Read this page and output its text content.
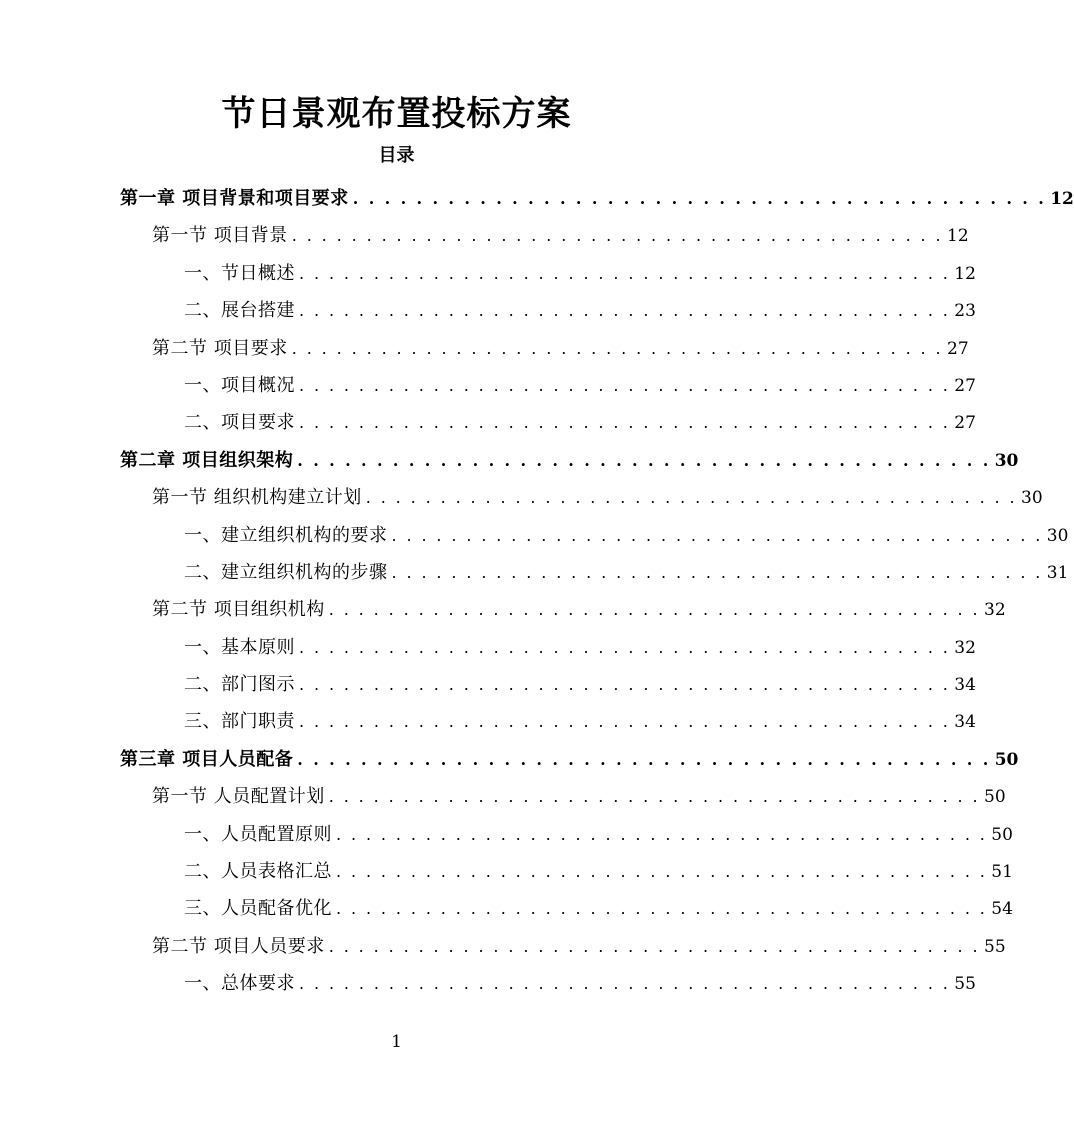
节日景观布置投标方案
目录
第一章 项目背景和项目要求 . . . . . . . . . . . . . . . . . . . . . . . . . . . . . . . . . . . . . . . . . . . . 12
第一节 项目背景 . . . . . . . . . . . . . . . . . . . . . . . . . . . . . . . . . . . . . . . . . . . . 12
一、节日概述 . . . . . . . . . . . . . . . . . . . . . . . . . . . . . . . . . . . . . . . . . . . . 12
二、展台搭建 . . . . . . . . . . . . . . . . . . . . . . . . . . . . . . . . . . . . . . . . . . . . 23
第二节 项目要求 . . . . . . . . . . . . . . . . . . . . . . . . . . . . . . . . . . . . . . . . . . . . 27
一、项目概况 . . . . . . . . . . . . . . . . . . . . . . . . . . . . . . . . . . . . . . . . . . . . 27
二、项目要求 . . . . . . . . . . . . . . . . . . . . . . . . . . . . . . . . . . . . . . . . . . . . 27
第二章 项目组织架构 . . . . . . . . . . . . . . . . . . . . . . . . . . . . . . . . . . . . . . . . . . . . 30
第一节 组织机构建立计划 . . . . . . . . . . . . . . . . . . . . . . . . . . . . . . . . . . . . . . . . . . . . 30
一、建立组织机构的要求 . . . . . . . . . . . . . . . . . . . . . . . . . . . . . . . . . . . . . . . . . . . . 30
二、建立组织机构的步骤 . . . . . . . . . . . . . . . . . . . . . . . . . . . . . . . . . . . . . . . . . . . . 31
第二节 项目组织机构 . . . . . . . . . . . . . . . . . . . . . . . . . . . . . . . . . . . . . . . . . . . . 32
一、基本原则 . . . . . . . . . . . . . . . . . . . . . . . . . . . . . . . . . . . . . . . . . . . . 32
二、部门图示 . . . . . . . . . . . . . . . . . . . . . . . . . . . . . . . . . . . . . . . . . . . . 34
三、部门职责 . . . . . . . . . . . . . . . . . . . . . . . . . . . . . . . . . . . . . . . . . . . . 34
第三章 项目人员配备 . . . . . . . . . . . . . . . . . . . . . . . . . . . . . . . . . . . . . . . . . . . . 50
第一节 人员配置计划 . . . . . . . . . . . . . . . . . . . . . . . . . . . . . . . . . . . . . . . . . . . . 50
一、人员配置原则 . . . . . . . . . . . . . . . . . . . . . . . . . . . . . . . . . . . . . . . . . . . . 50
二、人员表格汇总 . . . . . . . . . . . . . . . . . . . . . . . . . . . . . . . . . . . . . . . . . . . . 51
三、人员配备优化 . . . . . . . . . . . . . . . . . . . . . . . . . . . . . . . . . . . . . . . . . . . . 54
第二节 项目人员要求 . . . . . . . . . . . . . . . . . . . . . . . . . . . . . . . . . . . . . . . . . . . . 55
一、总体要求 . . . . . . . . . . . . . . . . . . . . . . . . . . . . . . . . . . . . . . . . . . . . 55
1
